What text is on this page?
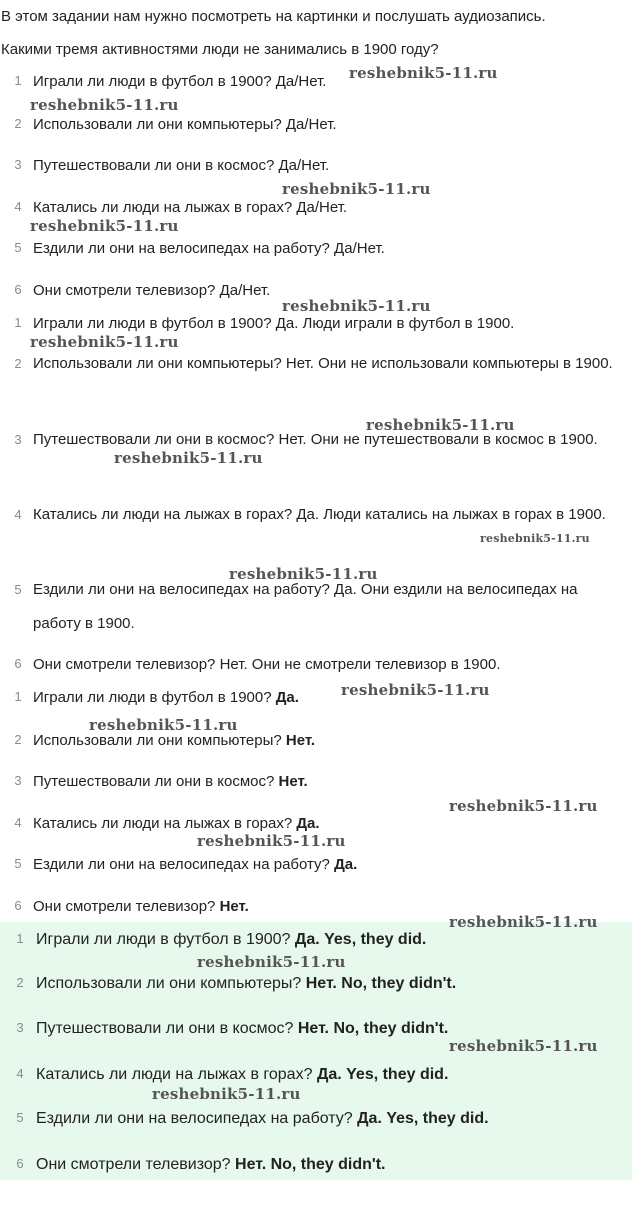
В этом задании нам нужно посмотреть на картинки и послушать аудиозапись.
Какими тремя активностями люди не занимались в 1900 году?
1 Играли ли люди в футбол в 1900? Да/Нет.
2 Использовали ли они компьютеры? Да/Нет.
3 Путешествовали ли они в космос? Да/Нет.
4 Катались ли люди на лыжах в горах? Да/Нет.
5 Ездили ли они на велосипедах на работу? Да/Нет.
6 Они смотрели телевизор? Да/Нет.
1 Играли ли люди в футбол в 1900? Да. Люди играли в футбол в 1900.
2 Использовали ли они компьютеры? Нет. Они не использовали компьютеры в 1900.
3 Путешествовали ли они в космос? Нет. Они не путешествовали в космос в 1900.
4 Катались ли люди на лыжах в горах? Да. Люди катались на лыжах в горах в 1900.
5 Ездили ли они на велосипедах на работу? Да. Они ездили на велосипедах на работу в 1900.
6 Они смотрели телевизор? Нет. Они не смотрели телевизор в 1900.
1 Играли ли люди в футбол в 1900? Да.
2 Использовали ли они компьютеры? Нет.
3 Путешествовали ли они в космос? Нет.
4 Катались ли люди на лыжах в горах? Да.
5 Ездили ли они на велосипедах на работу? Да.
6 Они смотрели телевизор? Нет.
1 Играли ли люди в футбол в 1900? Да. Yes, they did.
2 Использовали ли они компьютеры? Нет. No, they didn't.
3 Путешествовали ли они в космос? Нет. No, they didn't.
4 Катались ли люди на лыжах в горах? Да. Yes, they did.
5 Ездили ли они на велосипедах на работу? Да. Yes, they did.
6 Они смотрели телевизор? Нет. No, they didn't.
reshebnik5-11.ru
reshebnik5-11.ru
reshebnik5-11.ru
reshebnik5-11.ru
reshebnik5-11.ru
reshebnik5-11.ru
reshebnik5-11.ru
reshebnik5-11.ru
reshebnik5-11.ru
reshebnik5-11.ru
reshebnik5-11.ru
reshebnik5-11.ru
reshebnik5-11.ru
reshebnik5-11.ru
reshebnik5-11.ru
reshebnik5-11.ru
reshebnik5-11.ru
reshebnik5-11.ru
